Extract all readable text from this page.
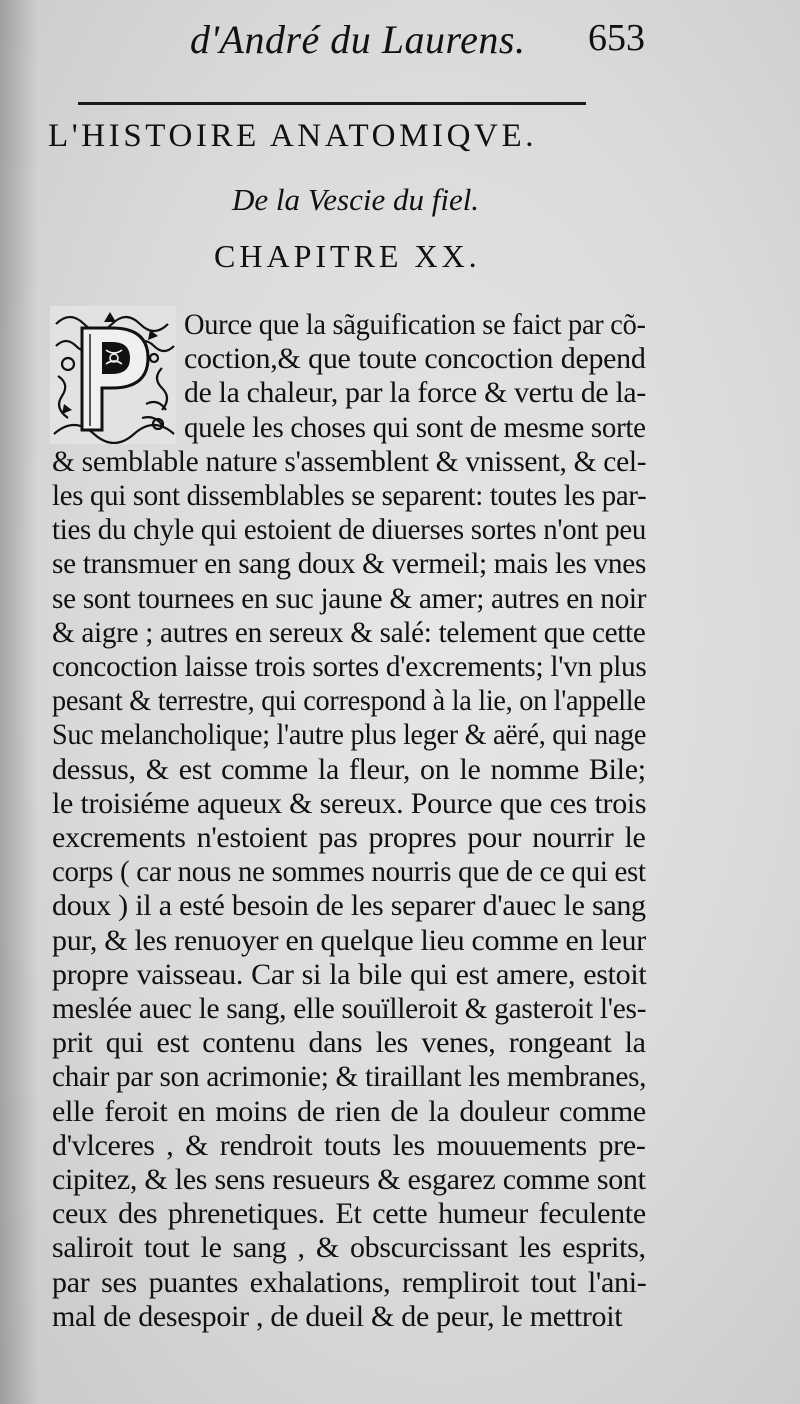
d'André du Laurens. 653
L'HISTOIRE ANATOMIQVE.
De la Vescie du fiel.
CHAPITRE XX.
Ource que la sãguification se faict par cõ-
coction,& que toute concoction depend
de la chaleur, par la force & vertu de la-
quele les choses qui sont de mesme sorte
& semblable nature s'assemblent & vnissent, & cel-
les qui sont dissemblables se separent: toutes les par-
ties du chyle qui estoient de diuerses sortes n'ont peu
se transmuer en sang doux & vermeil; mais les vnes
se sont tournees en suc jaune & amer; autres en noir
& aigre ; autres en sereux & salé: telement que cette
concoction laisse trois sortes d'excrements; l'vn plus
pesant & terrestre, qui correspond à la lie, on l'appelle
Suc melancholique; l'autre plus leger & aëré, qui nage
dessus, & est comme la fleur, on le nomme Bile;
le troisiéme aqueux & sereux. Pource que ces trois
excrements n'estoient pas propres pour nourrir le
corps ( car nous ne sommes nourris que de ce qui est
doux ) il a esté besoin de les separer d'auec le sang
pur, & les renuoyer en quelque lieu comme en leur
propre vaisseau. Car si la bile qui est amere, estoit
meslée auec le sang, elle souïlleroit & gasteroit l'es-
prit qui est contenu dans les venes, rongeant la
chair par son acrimonie; & tiraillant les membranes,
elle feroit en moins de rien de la douleur comme
d'vlceres , & rendroit touts les mouuements pre-
cipitez, & les sens resueurs & esgarez comme sont
ceux des phrenetiques. Et cette humeur feculente
saliroit tout le sang , & obscurcissant les esprits,
par ses puantes exhalations, rempliroit tout l'ani-
mal de desespoir , de dueil & de peur, le mettroit
